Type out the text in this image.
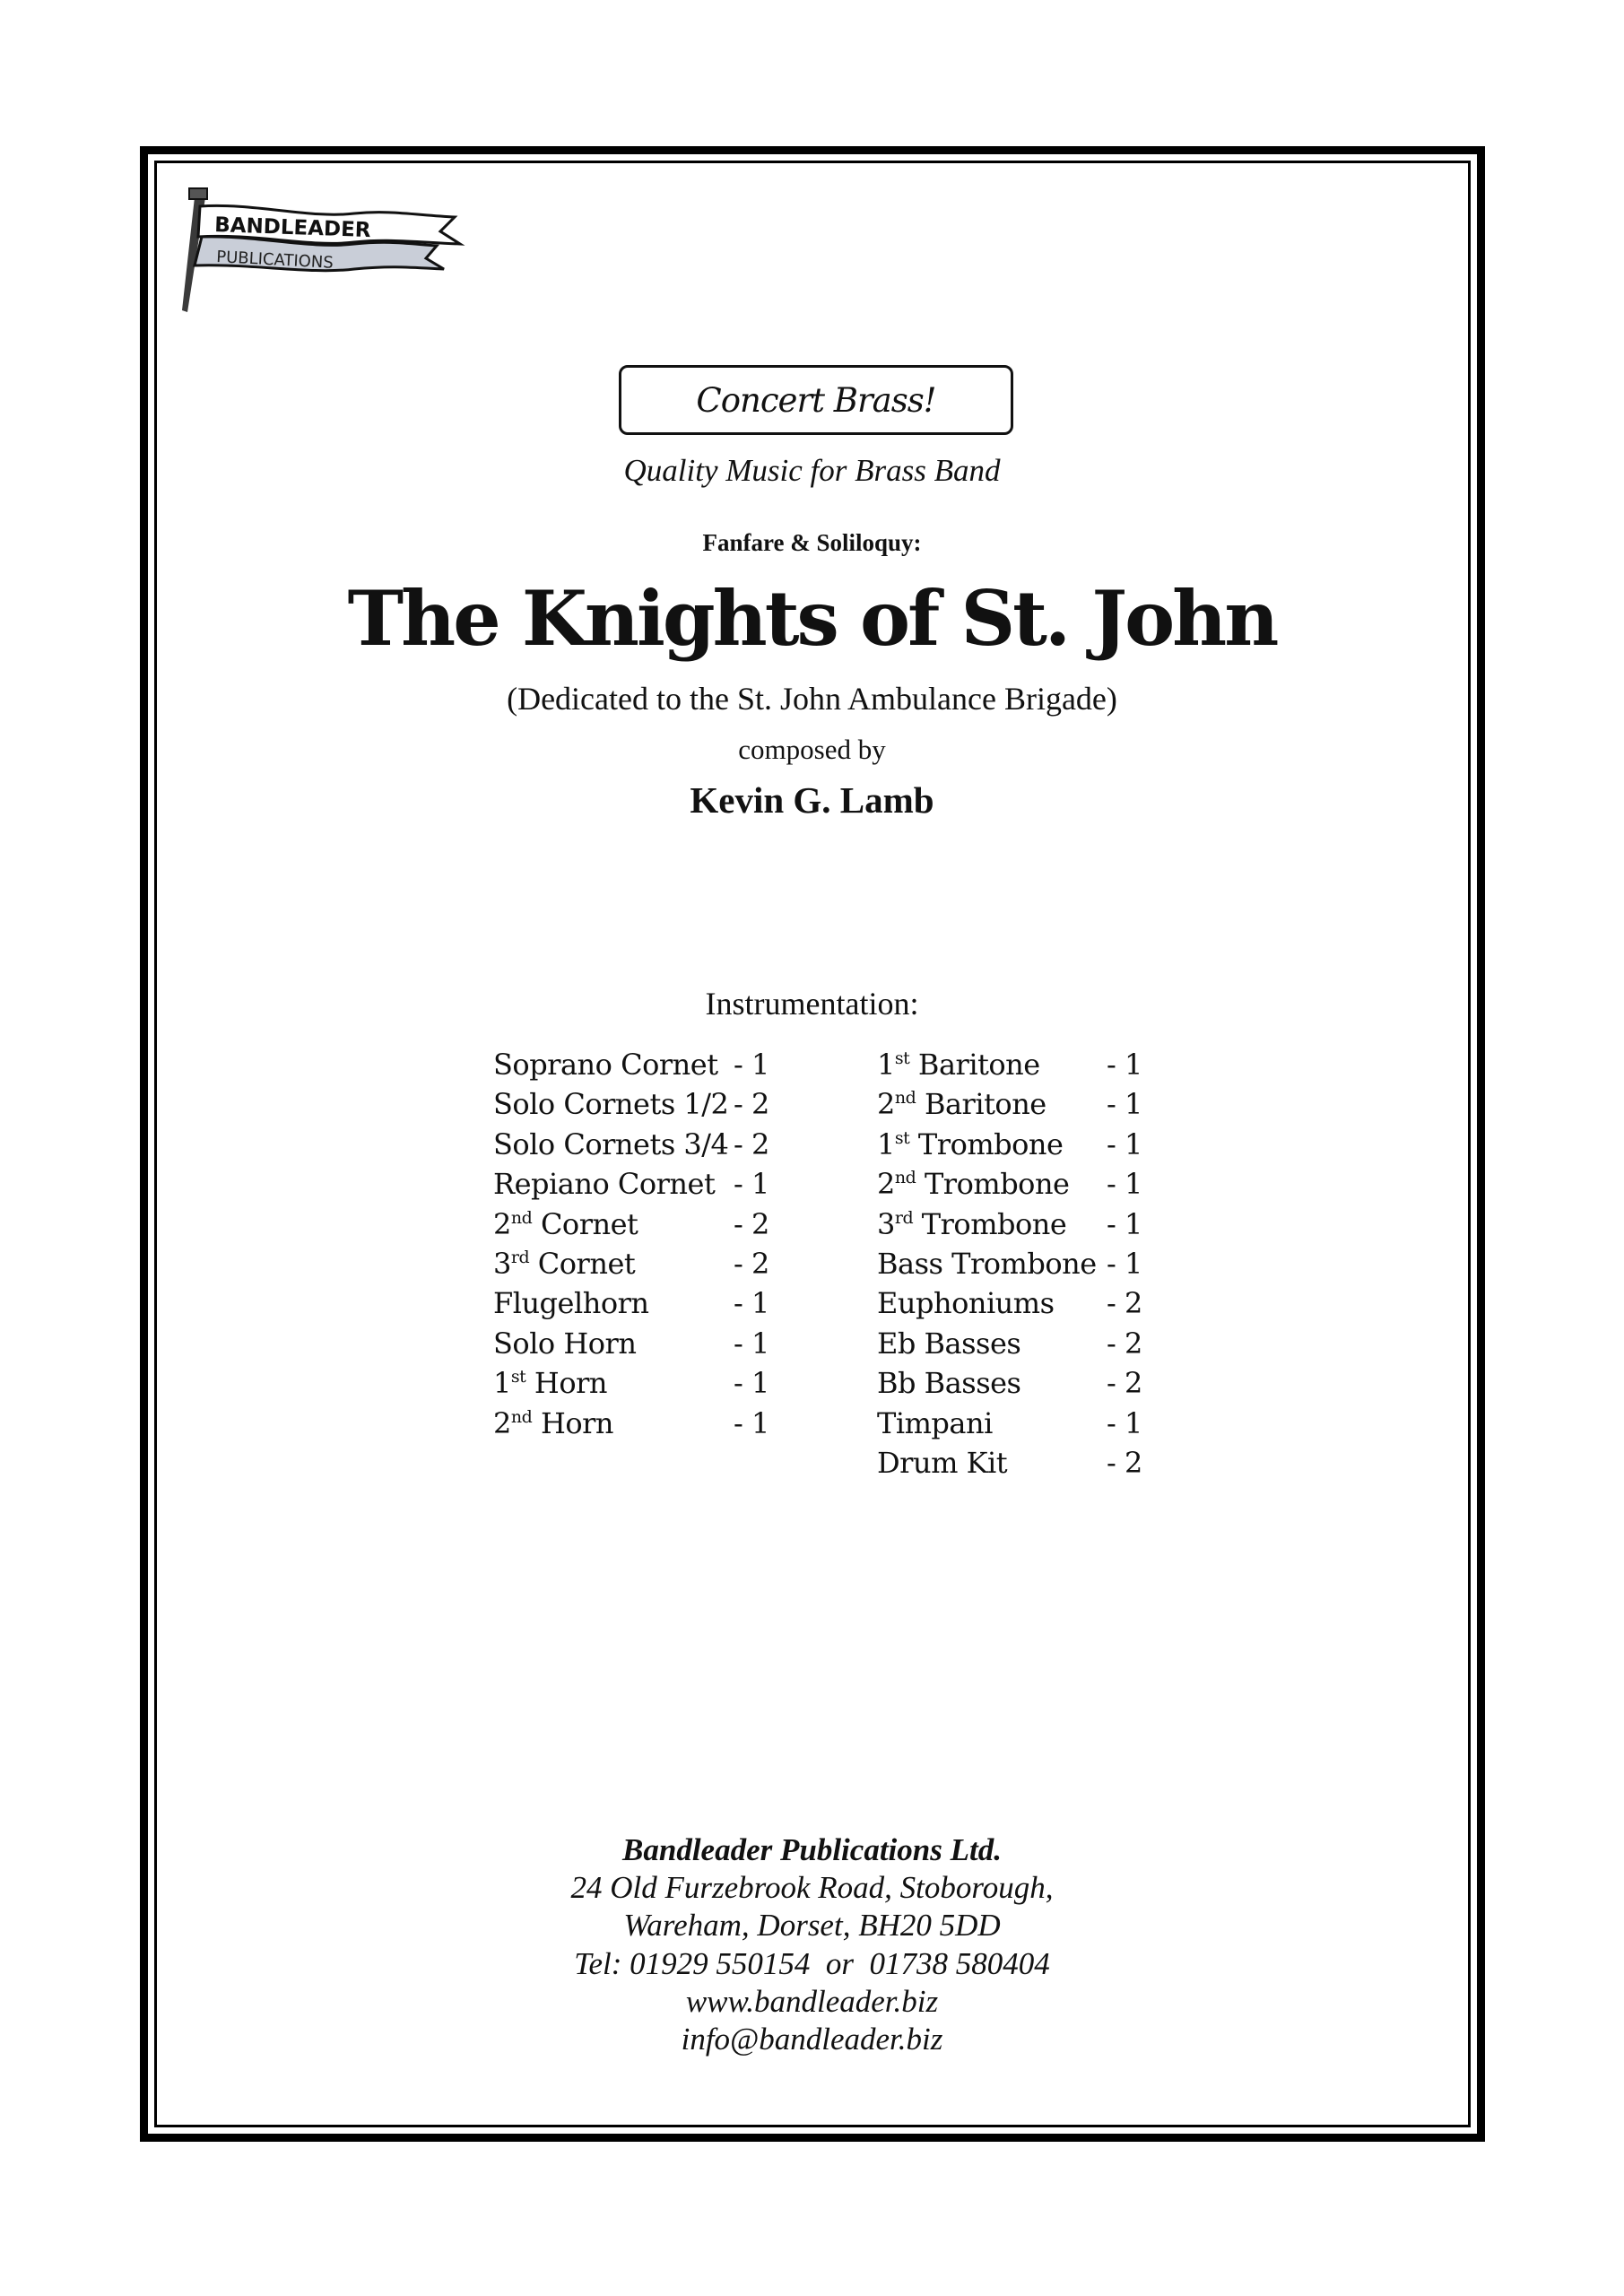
BANDLEADER
PUBLICATIONS
Concert Brass!
Quality Music for Brass Band
Fanfare & Soliloquy:
The Knights of St. John
(Dedicated to the St. John Ambulance Brigade)
composed by
Kevin G. Lamb
Instrumentation:
Soprano Cornet - 1
Solo Cornets 1/2 - 2
Solo Cornets 3/4 - 2
Repiano Cornet - 1
2nd Cornet	- 2
3rd Cornet	- 2
Flugelhorn	- 1
Solo Horn	- 1
1st Horn	- 1
2nd Horn	- 1
1st Baritone	- 1
2nd Baritone	- 1
1st Trombone	- 1
2nd Trombone	- 1
3rd Trombone	- 1
Bass Trombone - 1
Euphoniums	- 2
Eb Basses	- 2
Bb Basses	- 2
Timpani	- 1
Drum Kit	- 2
Bandleader Publications Ltd.
24 Old Furzebrook Road, Stoborough,
Wareham, Dorset, BH20 5DD
Tel: 01929 550154  or  01738 580404
www.bandleader.biz
info@bandleader.biz
